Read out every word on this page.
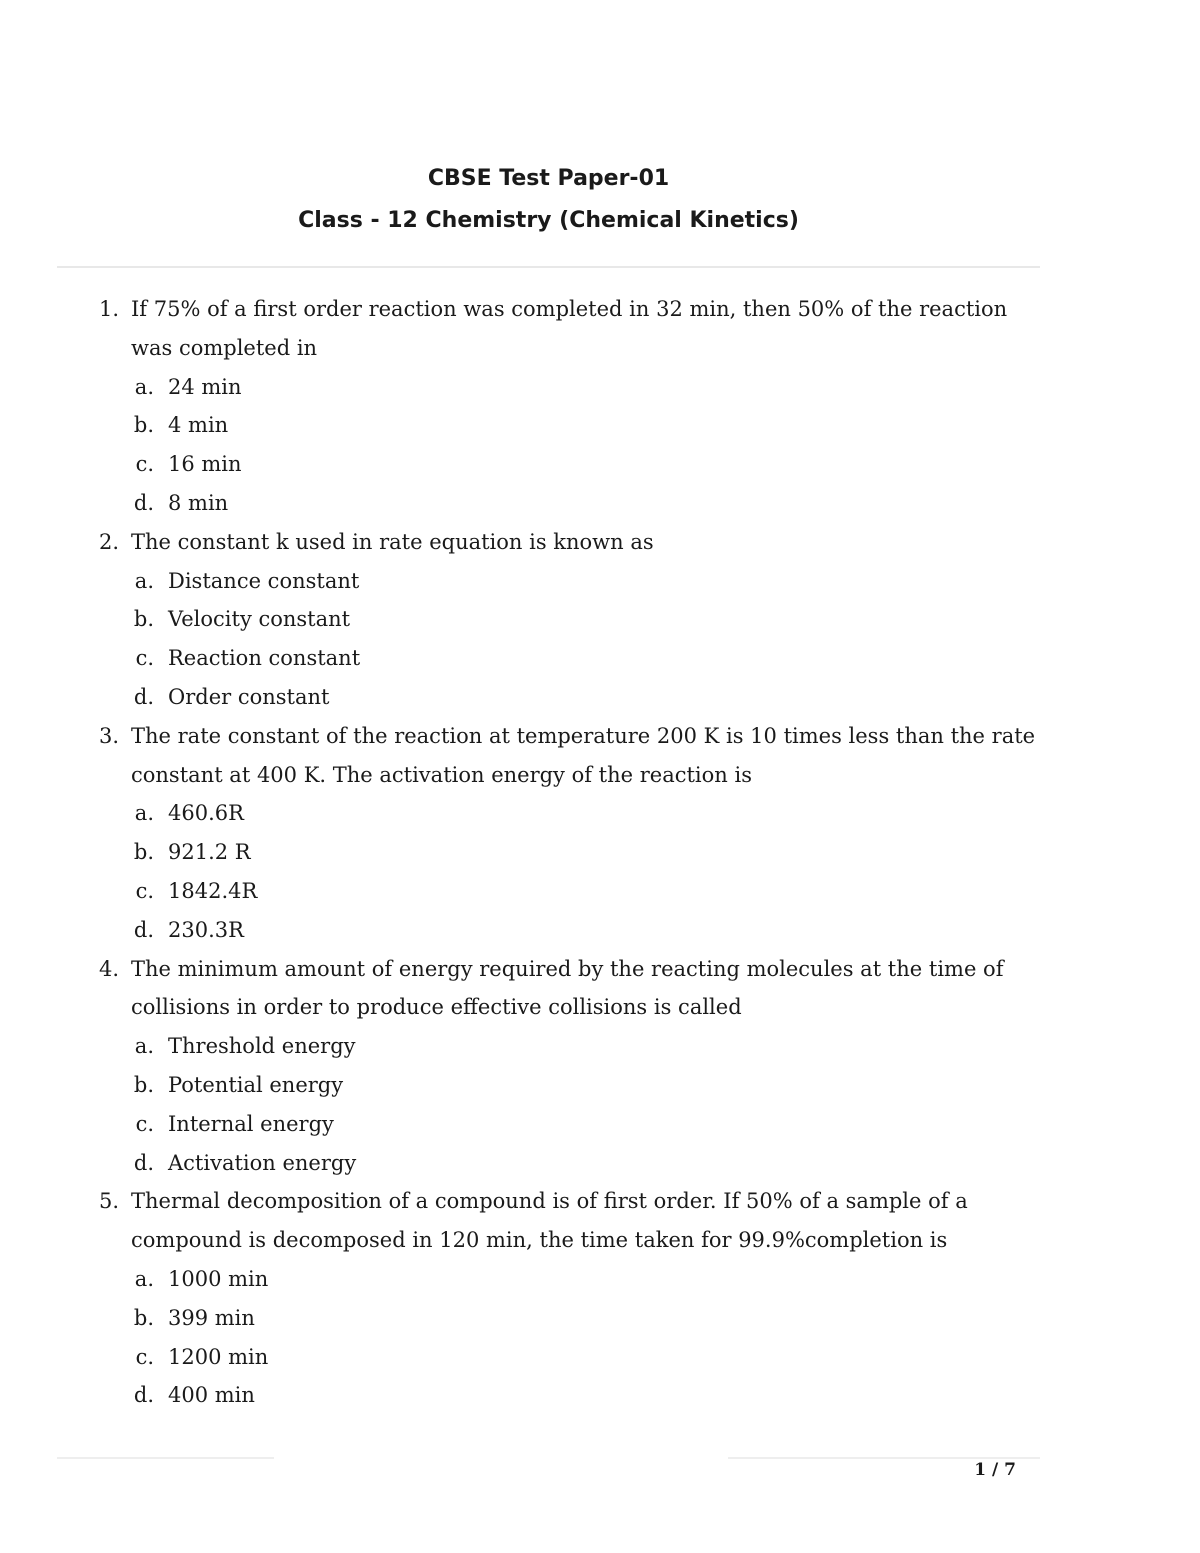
CBSE Test Paper-01
Class - 12 Chemistry (Chemical Kinetics)
1. If 75% of a first order reaction was completed in 32 min, then 50% of the reaction was completed in
a. 24 min
b. 4 min
c. 16 min
d. 8 min
2. The constant k used in rate equation is known as
a. Distance constant
b. Velocity constant
c. Reaction constant
d. Order constant
3. The rate constant of the reaction at temperature 200 K is 10 times less than the rate constant at 400 K. The activation energy of the reaction is
a. 460.6R
b. 921.2 R
c. 1842.4R
d. 230.3R
4. The minimum amount of energy required by the reacting molecules at the time of collisions in order to produce effective collisions is called
a. Threshold energy
b. Potential energy
c. Internal energy
d. Activation energy
5. Thermal decomposition of a compound is of first order. If 50% of a sample of a compound is decomposed in 120 min, the time taken for 99.9%completion is
a. 1000 min
b. 399 min
c. 1200 min
d. 400 min
1 / 7
